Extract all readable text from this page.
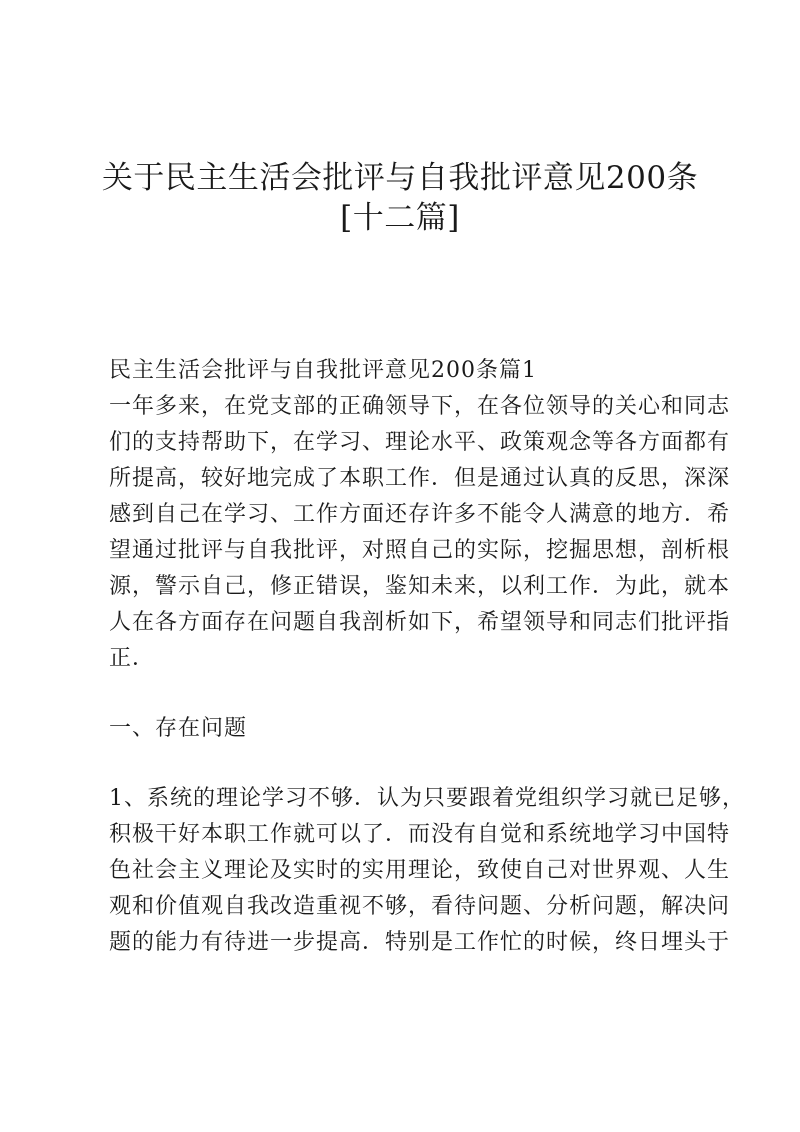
关于民主生活会批评与自我批评意见200条
[十二篇]
民主生活会批评与自我批评意见200条篇1
一年多来，在党支部的正确领导下，在各位领导的关心和同志
们的支持帮助下，在学习、理论水平、政策观念等各方面都有
所提高，较好地完成了本职工作．但是通过认真的反思，深深
感到自己在学习、工作方面还存许多不能令人满意的地方．希
望通过批评与自我批评，对照自己的实际，挖掘思想，剖析根
源，警示自己，修正错误，鉴知未来，以利工作．为此，就本
人在各方面存在问题自我剖析如下，希望领导和同志们批评指
正．
一、存在问题
1、系统的理论学习不够．认为只要跟着党组织学习就已足够，
积极干好本职工作就可以了．而没有自觉和系统地学习中国特
色社会主义理论及实时的实用理论，致使自己对世界观、人生
观和价值观自我改造重视不够，看待问题、分析问题，解决问
题的能力有待进一步提高．特别是工作忙的时候，终日埋头于
